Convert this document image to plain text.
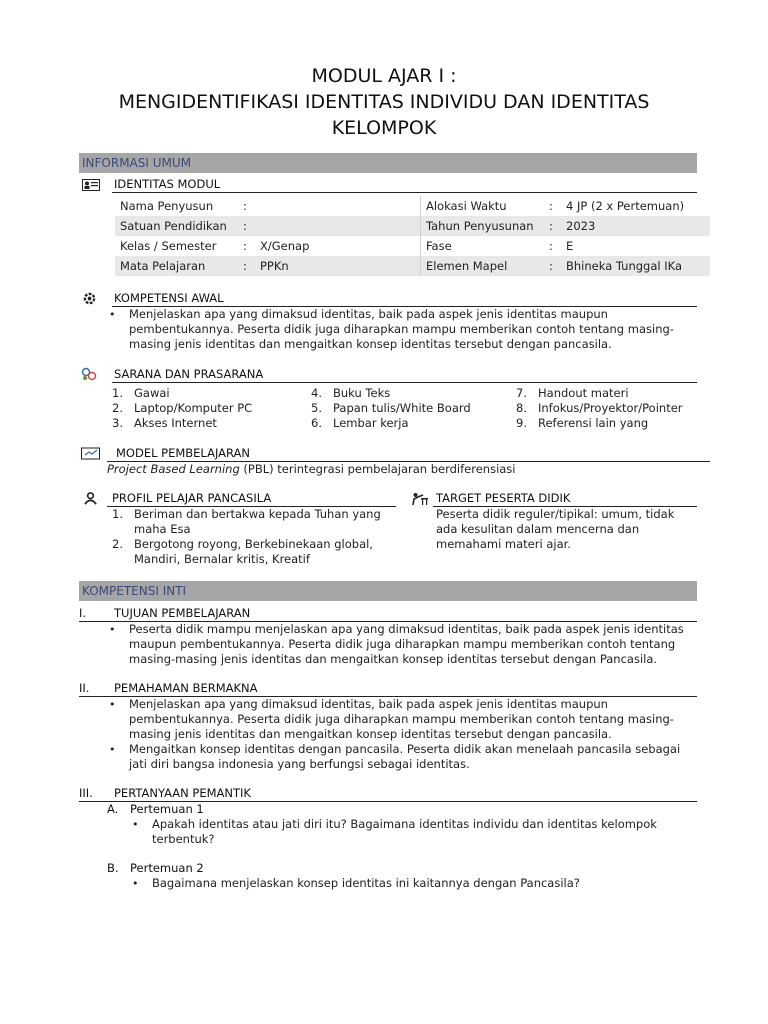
MODUL AJAR I :
MENGIDENTIFIKASI IDENTITAS INDIVIDU DAN IDENTITAS
KELOMPOK
INFORMASI UMUM
IDENTITAS MODUL
Nama Penyusun	:		Alokasi Waktu	:	4 JP (2 x Pertemuan)
Satuan Pendidikan	:		Tahun Penyusunan	:	2023
Kelas / Semester	:	X/Genap	Fase	:	E
Mata Pelajaran	:	PPKn	Elemen Mapel	:	Bhineka Tunggal IKa
KOMPETENSI AWAL
• Menjelaskan apa yang dimaksud identitas, baik pada aspek jenis identitas maupun pembentukannya. Peserta didik juga diharapkan mampu memberikan contoh tentang masing-masing jenis identitas dan mengaitkan konsep identitas tersebut dengan pancasila.
SARANA DAN PRASARANA
1. Gawai
2. Laptop/Komputer PC
3. Akses Internet
4. Buku Teks
5. Papan tulis/White Board
6. Lembar kerja
7. Handout materi
8. Infokus/Proyektor/Pointer
9. Referensi lain yang
MODEL PEMBELAJARAN
Project Based Learning (PBL) terintegrasi pembelajaran berdiferensiasi
PROFIL PELAJAR PANCASILA
1. Beriman dan bertakwa kepada Tuhan yang maha Esa
2. Bergotong royong, Berkebinekaan global, Mandiri, Bernalar kritis, Kreatif
TARGET PESERTA DIDIK
Peserta didik reguler/tipikal: umum, tidak ada kesulitan dalam mencerna dan memahami materi ajar.
KOMPETENSI INTI
I. TUJUAN PEMBELAJARAN
• Peserta didik mampu menjelaskan apa yang dimaksud identitas, baik pada aspek jenis identitas maupun pembentukannya. Peserta didik juga diharapkan mampu memberikan contoh tentang masing-masing jenis identitas dan mengaitkan konsep identitas tersebut dengan Pancasila.
II. PEMAHAMAN BERMAKNA
• Menjelaskan apa yang dimaksud identitas, baik pada aspek jenis identitas maupun pembentukannya. Peserta didik juga diharapkan mampu memberikan contoh tentang masing-masing jenis identitas dan mengaitkan konsep identitas tersebut dengan pancasila.
• Mengaitkan konsep identitas dengan pancasila. Peserta didik akan menelaah pancasila sebagai jati diri bangsa indonesia yang berfungsi sebagai identitas.
III. PERTANYAAN PEMANTIK
A. Pertemuan 1
• Apakah identitas atau jati diri itu? Bagaimana identitas individu dan identitas kelompok terbentuk?
B. Pertemuan 2
• Bagaimana menjelaskan konsep identitas ini kaitannya dengan Pancasila?
